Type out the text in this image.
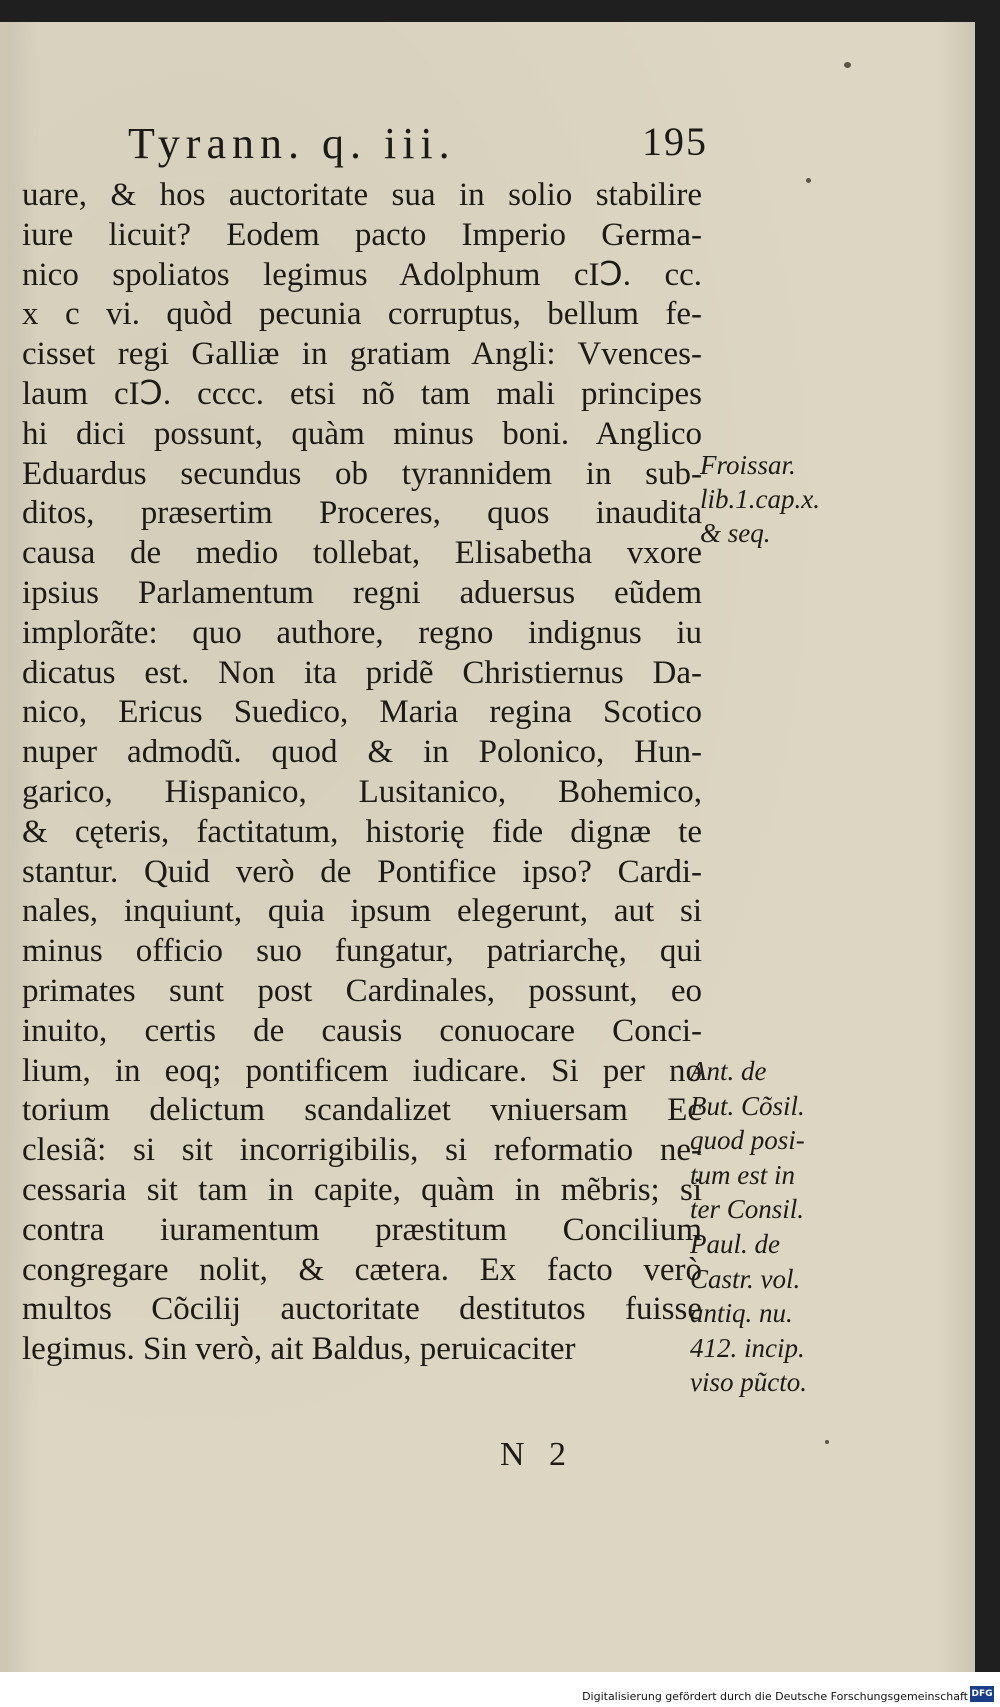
Tyrann. q. iii.	195
uare, & hos auctoritate sua in solio stabilire
iure licuit? Eodem pacto Imperio Germa-
nico spoliatos legimus Adolphum cIↃ. cc.
x c vi. quòd pecunia corruptus, bellum fe-
cisset regi Galliæ in gratiam Angli: Vvences-
laum cIↃ. cccc. etsi nõ tam mali principes
hi dici possunt, quàm minus boni. Anglico
Eduardus secundus ob tyrannidem in sub-
ditos, præsertim Proceres, quos inaudita
causa de medio tollebat, Elisabetha vxore
ipsius Parlamentum regni aduersus eũdem
implorãte: quo authore, regno indignus iu
dicatus est. Non ita pridẽ Christiernus Da-
nico, Ericus Suedico, Maria regina Scotico
nuper admodũ. quod & in Polonico, Hun-
garico, Hispanico, Lusitanico, Bohemico,
& cęteris, factitatum, historię fide dignæ te
stantur. Quid verò de Pontifice ipso? Cardi-
nales, inquiunt, quia ipsum elegerunt, aut si
minus officio suo fungatur, patriarchę, qui
primates sunt post Cardinales, possunt, eo
inuito, certis de causis conuocare Conci-
lium, in eoq; pontificem iudicare. Si per no
torium delictum scandalizet vniuersam Ec
clesiã: si sit incorrigibilis, si reformatio ne-
cessaria sit tam in capite, quàm in mẽbris; si
contra iuramentum præstitum Concilium
congregare nolit, & cætera. Ex facto verò
multos Cõcilij auctoritate destitutos fuisse
legimus. Sin verò, ait Baldus, peruicaciter
Froissar.
lib.1.cap.x.
& seq.
Ant. de
But. Cõsil.
quod posi-
tum est in
ter Consil.
Paul. de
Castr. vol.
antiq. nu.
412. incip.
viso pũcto.
N 2
Digitalisierung gefördert durch die Deutsche Forschungsgemeinschaft DFG
